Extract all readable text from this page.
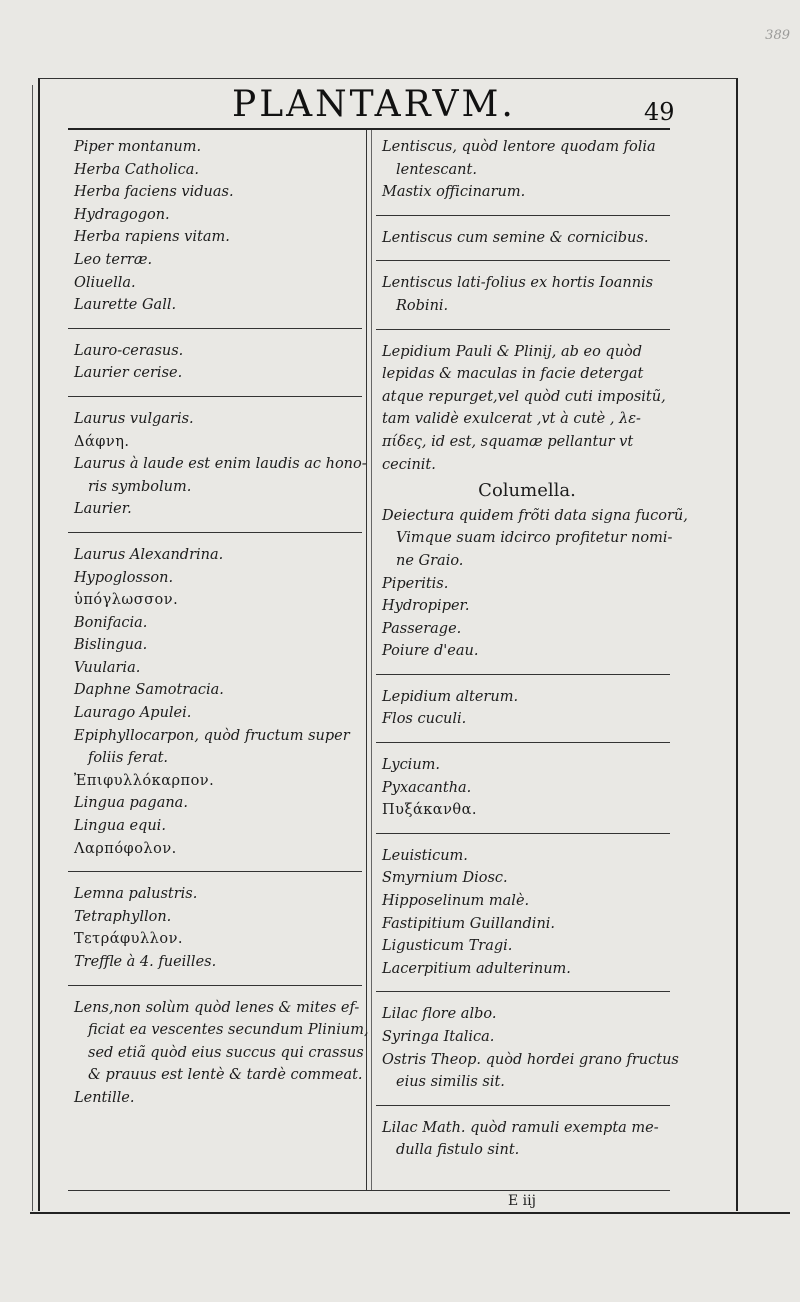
389
PLANTARVM.	49
Piper montanum.
Herba Catholica.
Herba faciens viduas.
Hydragogon.
Herba rapiens vitam.
Leo terræ.
Oliuella.
Laurette Gall.
Lauro-cerasus.
Laurier cerise.
Laurus vulgaris.
Δάφνη.
Laurus à laude est enim laudis ac hono-
ris symbolum.
Laurier.
Laurus Alexandrina.
Hypoglosson.
ὑπόγλωσσον.
Bonifacia.
Bislingua.
Vuularia.
Daphne Samotracia.
Laurago Apulei.
Epiphyllocarpon, quòd fructum super
foliis ferat.
Ἐπιφυλλόκαρπον.
Lingua pagana.
Lingua equi.
Λαρπόφολον.
Lemna palustris.
Tetraphyllon.
Τετράφυλλον.
Treffle à 4. fueilles.
Lens,non solùm quòd lenes & mites ef-
ficiat ea vescentes secundum Plinium,
sed etiã quòd eius succus qui crassus
& prauus est lentè & tardè commeat.
Lentille.
Lentiscus, quòd lentore quodam folia
lentescant.
Mastix officinarum.
Lentiscus cum semine & cornicibus.
Lentiscus lati-folius ex hortis Ioannis
Robini.
Lepidium Pauli & Plinij, ab eo quòd
lepidas & maculas in facie detergat
atque repurget,vel quòd cuti impositũ,
tam validè exulcerat ,vt à cutè , λε-
πίδες, id est, squamæ pellantur vt
cecinit.
Columella.
Deiectura quidem frõti data signa fucorũ,
Vimque suam idcirco profitetur nomi-
ne Graio.
Piperitis.
Hydropiper.
Passerage.
Poiure d'eau.
Lepidium alterum.
Flos cuculi.
Lycium.
Pyxacantha.
Πυξάκανθα.
Leuisticum.
Smyrnium Diosc.
Hipposelinum malè.
Fastipitium Guillandini.
Ligusticum Tragi.
Lacerpitium adulterinum.
Lilac flore albo.
Syringa Italica.
Ostris Theop. quòd hordei grano fructus
eius similis sit.
Lilac Math. quòd ramuli exempta me-
dulla fistulo sint.
E iij
